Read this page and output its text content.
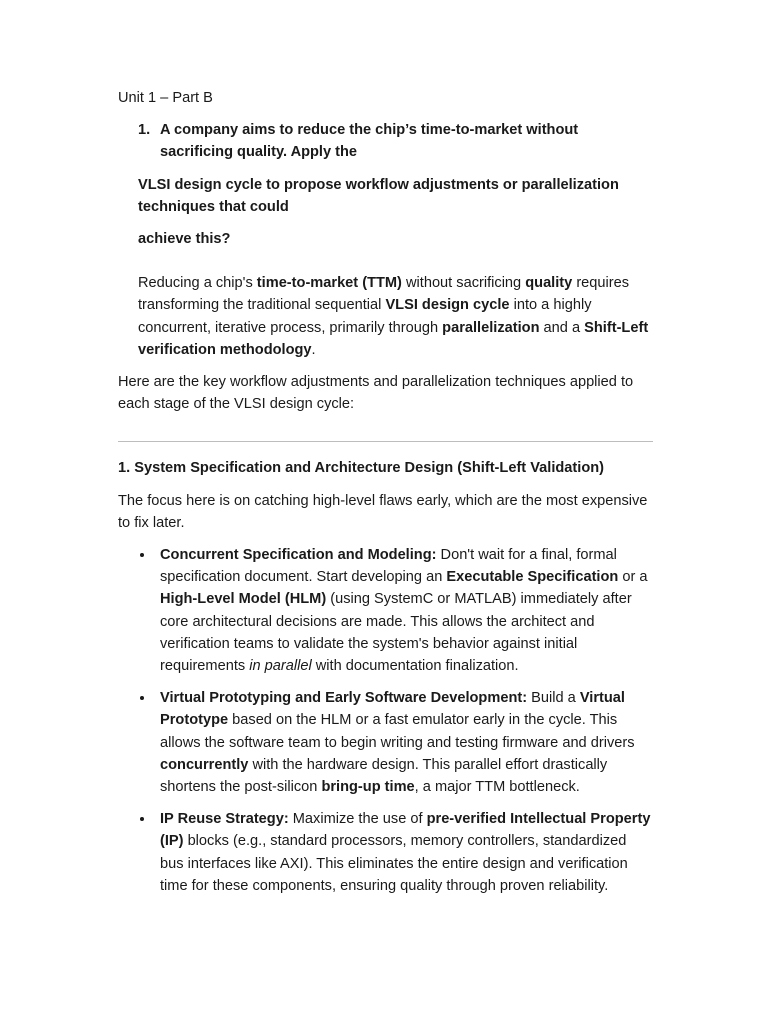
Unit 1 – Part B

1. A company aims to reduce the chip’s time-to-market without sacrificing quality. Apply the

VLSI design cycle to propose workflow adjustments or parallelization techniques that could

achieve this?

Reducing a chip's time-to-market (TTM) without sacrificing quality requires transforming the traditional sequential VLSI design cycle into a highly concurrent, iterative process, primarily through parallelization and a Shift-Left verification methodology.

Here are the key workflow adjustments and parallelization techniques applied to each stage of the VLSI design cycle:

1. System Specification and Architecture Design (Shift-Left Validation)

The focus here is on catching high-level flaws early, which are the most expensive to fix later.

Concurrent Specification and Modeling: Don't wait for a final, formal specification document. Start developing an Executable Specification or a High-Level Model (HLM) (using SystemC or MATLAB) immediately after core architectural decisions are made. This allows the architect and verification teams to validate the system's behavior against initial requirements in parallel with documentation finalization.
Virtual Prototyping and Early Software Development: Build a Virtual Prototype based on the HLM or a fast emulator early in the cycle. This allows the software team to begin writing and testing firmware and drivers concurrently with the hardware design. This parallel effort drastically shortens the post-silicon bring-up time, a major TTM bottleneck.
IP Reuse Strategy: Maximize the use of pre-verified Intellectual Property (IP) blocks (e.g., standard processors, memory controllers, standardized bus interfaces like AXI). This eliminates the entire design and verification time for these components, ensuring quality through proven reliability.
